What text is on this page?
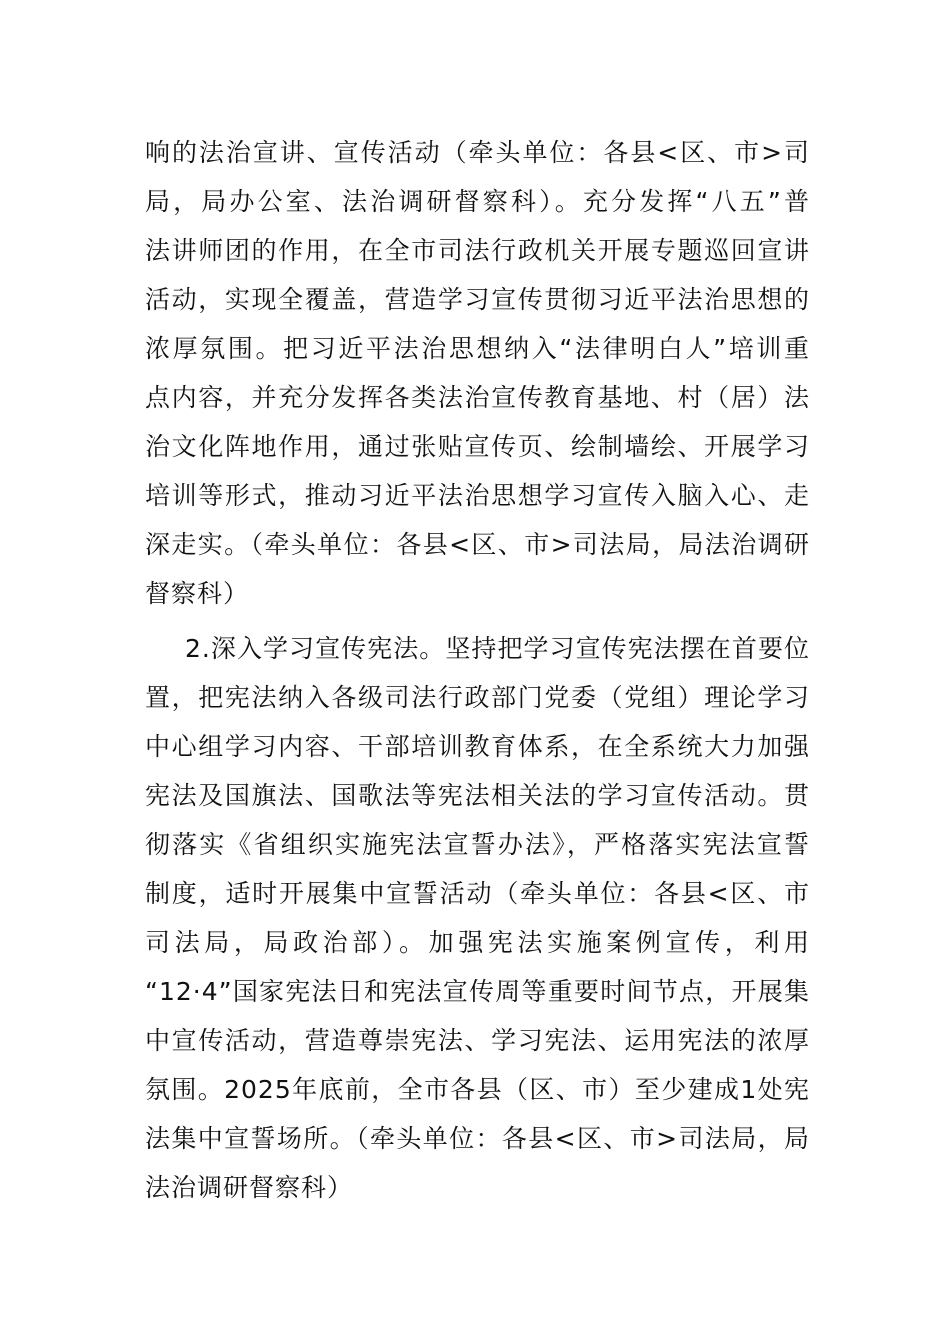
响的法治宣讲、宣传活动（牵头单位：各县<区、市>司
局，局办公室、法治调研督察科）。充分发挥“八五”普
法讲师团的作用，在全市司法行政机关开展专题巡回宣讲
活动，实现全覆盖，营造学习宣传贯彻习近平法治思想的
浓厚氛围。把习近平法治思想纳入“法律明白人”培训重
点内容，并充分发挥各类法治宣传教育基地、村（居）法
治文化阵地作用，通过张贴宣传页、绘制墙绘、开展学习
培训等形式，推动习近平法治思想学习宣传入脑入心、走
深走实。（牵头单位：各县<区、市>司法局，局法治调研
督察科）
2.深入学习宣传宪法。坚持把学习宣传宪法摆在首要位
置，把宪法纳入各级司法行政部门党委（党组）理论学习
中心组学习内容、干部培训教育体系，在全系统大力加强
宪法及国旗法、国歌法等宪法相关法的学习宣传活动。贯
彻落实《省组织实施宪法宣誓办法》，严格落实宪法宣誓
制度，适时开展集中宣誓活动（牵头单位：各县<区、市
司法局，局政治部）。加强宪法实施案例宣传，利用
“12·4”国家宪法日和宪法宣传周等重要时间节点，开展集
中宣传活动，营造尊崇宪法、学习宪法、运用宪法的浓厚
氛围。2025年底前，全市各县（区、市）至少建成1处宪
法集中宣誓场所。（牵头单位：各县<区、市>司法局，局
法治调研督察科）
